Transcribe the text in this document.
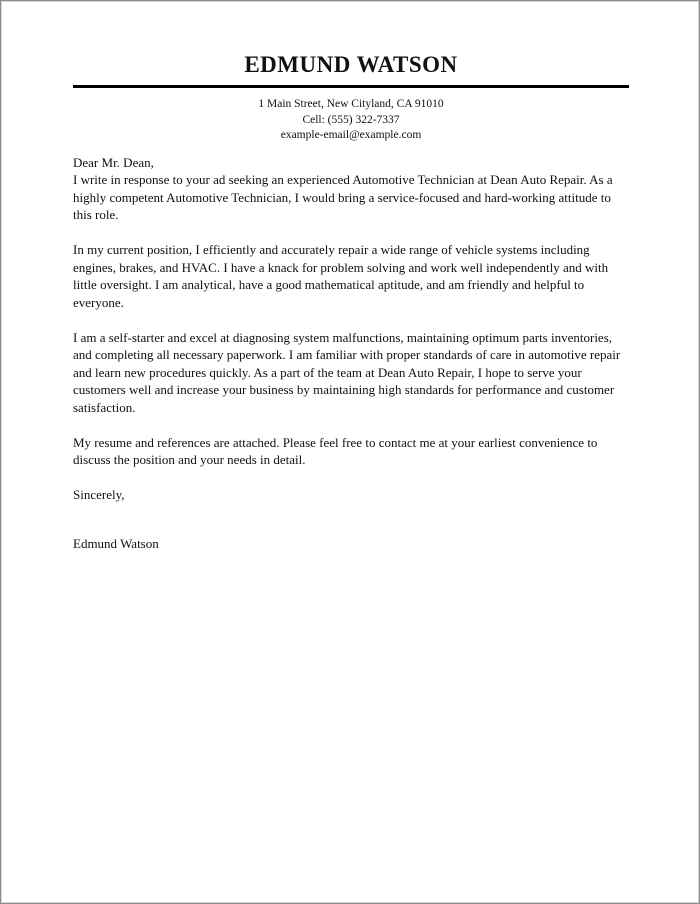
EDMUND WATSON
1 Main Street, New Cityland, CA 91010
Cell: (555) 322-7337
example-email@example.com

Dear Mr. Dean,

I write in response to your ad seeking an experienced Automotive Technician at Dean Auto Repair. As a highly competent Automotive Technician, I would bring a service-focused and hard-working attitude to this role.

In my current position, I efficiently and accurately repair a wide range of vehicle systems including engines, brakes, and HVAC. I have a knack for problem solving and work well independently and with little oversight. I am analytical, have a good mathematical aptitude, and am friendly and helpful to everyone.

I am a self-starter and excel at diagnosing system malfunctions, maintaining optimum parts inventories, and completing all necessary paperwork. I am familiar with proper standards of care in automotive repair and learn new procedures quickly. As a part of the team at Dean Auto Repair, I hope to serve your customers well and increase your business by maintaining high standards for performance and customer satisfaction.

My resume and references are attached. Please feel free to contact me at your earliest convenience to discuss the position and your needs in detail.

Sincerely,

Edmund Watson
